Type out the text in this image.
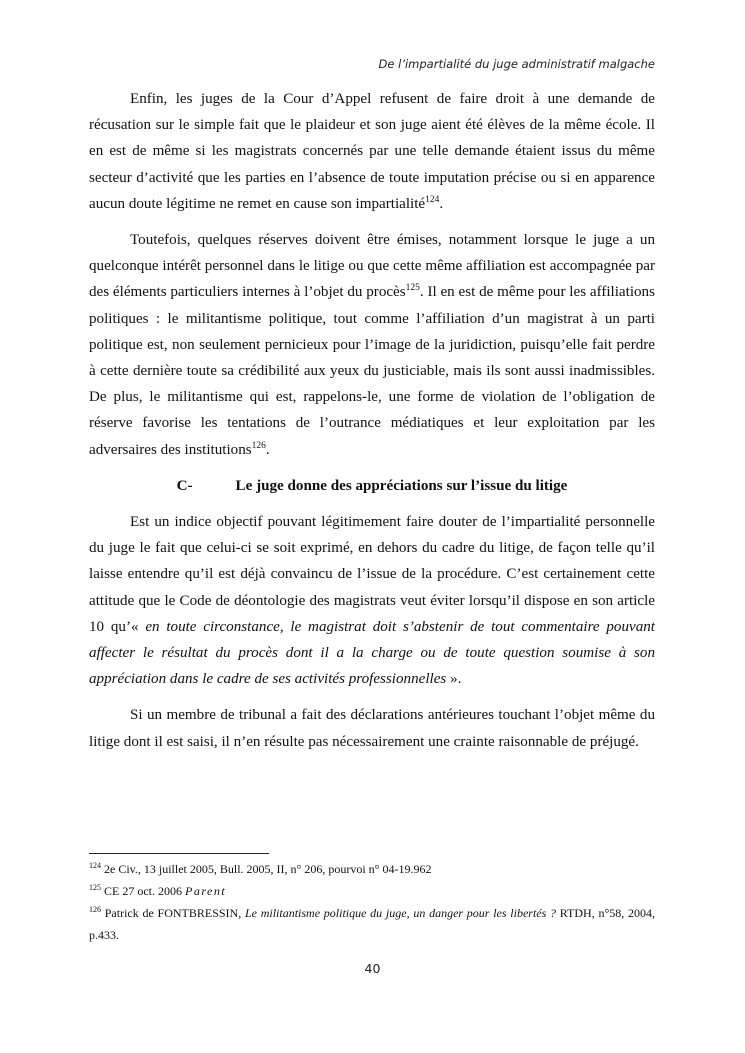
De l’impartialité du juge administratif malgache

Enfin, les juges de la Cour d’Appel refusent de faire droit à une demande de récusation sur le simple fait que le plaideur et son juge aient été élèves de la même école. Il en est de même si les magistrats concernés par une telle demande étaient issus du même secteur d’activité que les parties en l’absence de toute imputation précise ou si en apparence aucun doute légitime ne remet en cause son impartialité$^{124}$.

Toutefois, quelques réserves doivent être émises, notamment lorsque le juge a un quelconque intérêt personnel dans le litige ou que cette même affiliation est accompagnée par des éléments particuliers internes à l’objet du procès$^{125}$. Il en est de même pour les affiliations politiques : le militantisme politique, tout comme l’affiliation d’un magistrat à un parti politique est, non seulement pernicieux pour l’image de la juridiction, puisqu’elle fait perdre à cette dernière toute sa crédibilité aux yeux du justiciable, mais ils sont aussi inadmissibles. De plus, le militantisme qui est, rappelons-le, une forme de violation de l’obligation de réserve favorise les tentations de l’outrance médiatiques et leur exploitation par les adversaires des institutions$^{126}$.

C-	Le juge donne des appréciations sur l’issue du litige

Est un indice objectif pouvant légitimement faire douter de l’impartialité personnelle du juge le fait que celui-ci se soit exprimé, en dehors du cadre du litige, de façon telle qu’il laisse entendre qu’il est déjà convaincu de l’issue de la procédure. C’est certainement cette attitude que le Code de déontologie des magistrats veut éviter lorsqu’il dispose en son article 10 qu’« en toute circonstance, le magistrat doit s’abstenir de tout commentaire pouvant affecter le résultat du procès dont il a la charge ou de toute question soumise à son appréciation dans le cadre de ses activités professionnelles ».

Si un membre de tribunal a fait des déclarations antérieures touchant l’objet même du litige dont il est saisi, il n’en résulte pas nécessairement une crainte raisonnable de préjugé.

$^{124}$ 2e Civ., 13 juillet 2005, Bull. 2005, II, n° 206, pourvoi n° 04-19.962

$^{125}$ CE 27 oct. 2006 Parent

$^{126}$ Patrick de FONTBRESSIN, Le militantisme politique du juge, un danger pour les libertés ? RTDH, n°58, 2004, p.433.

40
